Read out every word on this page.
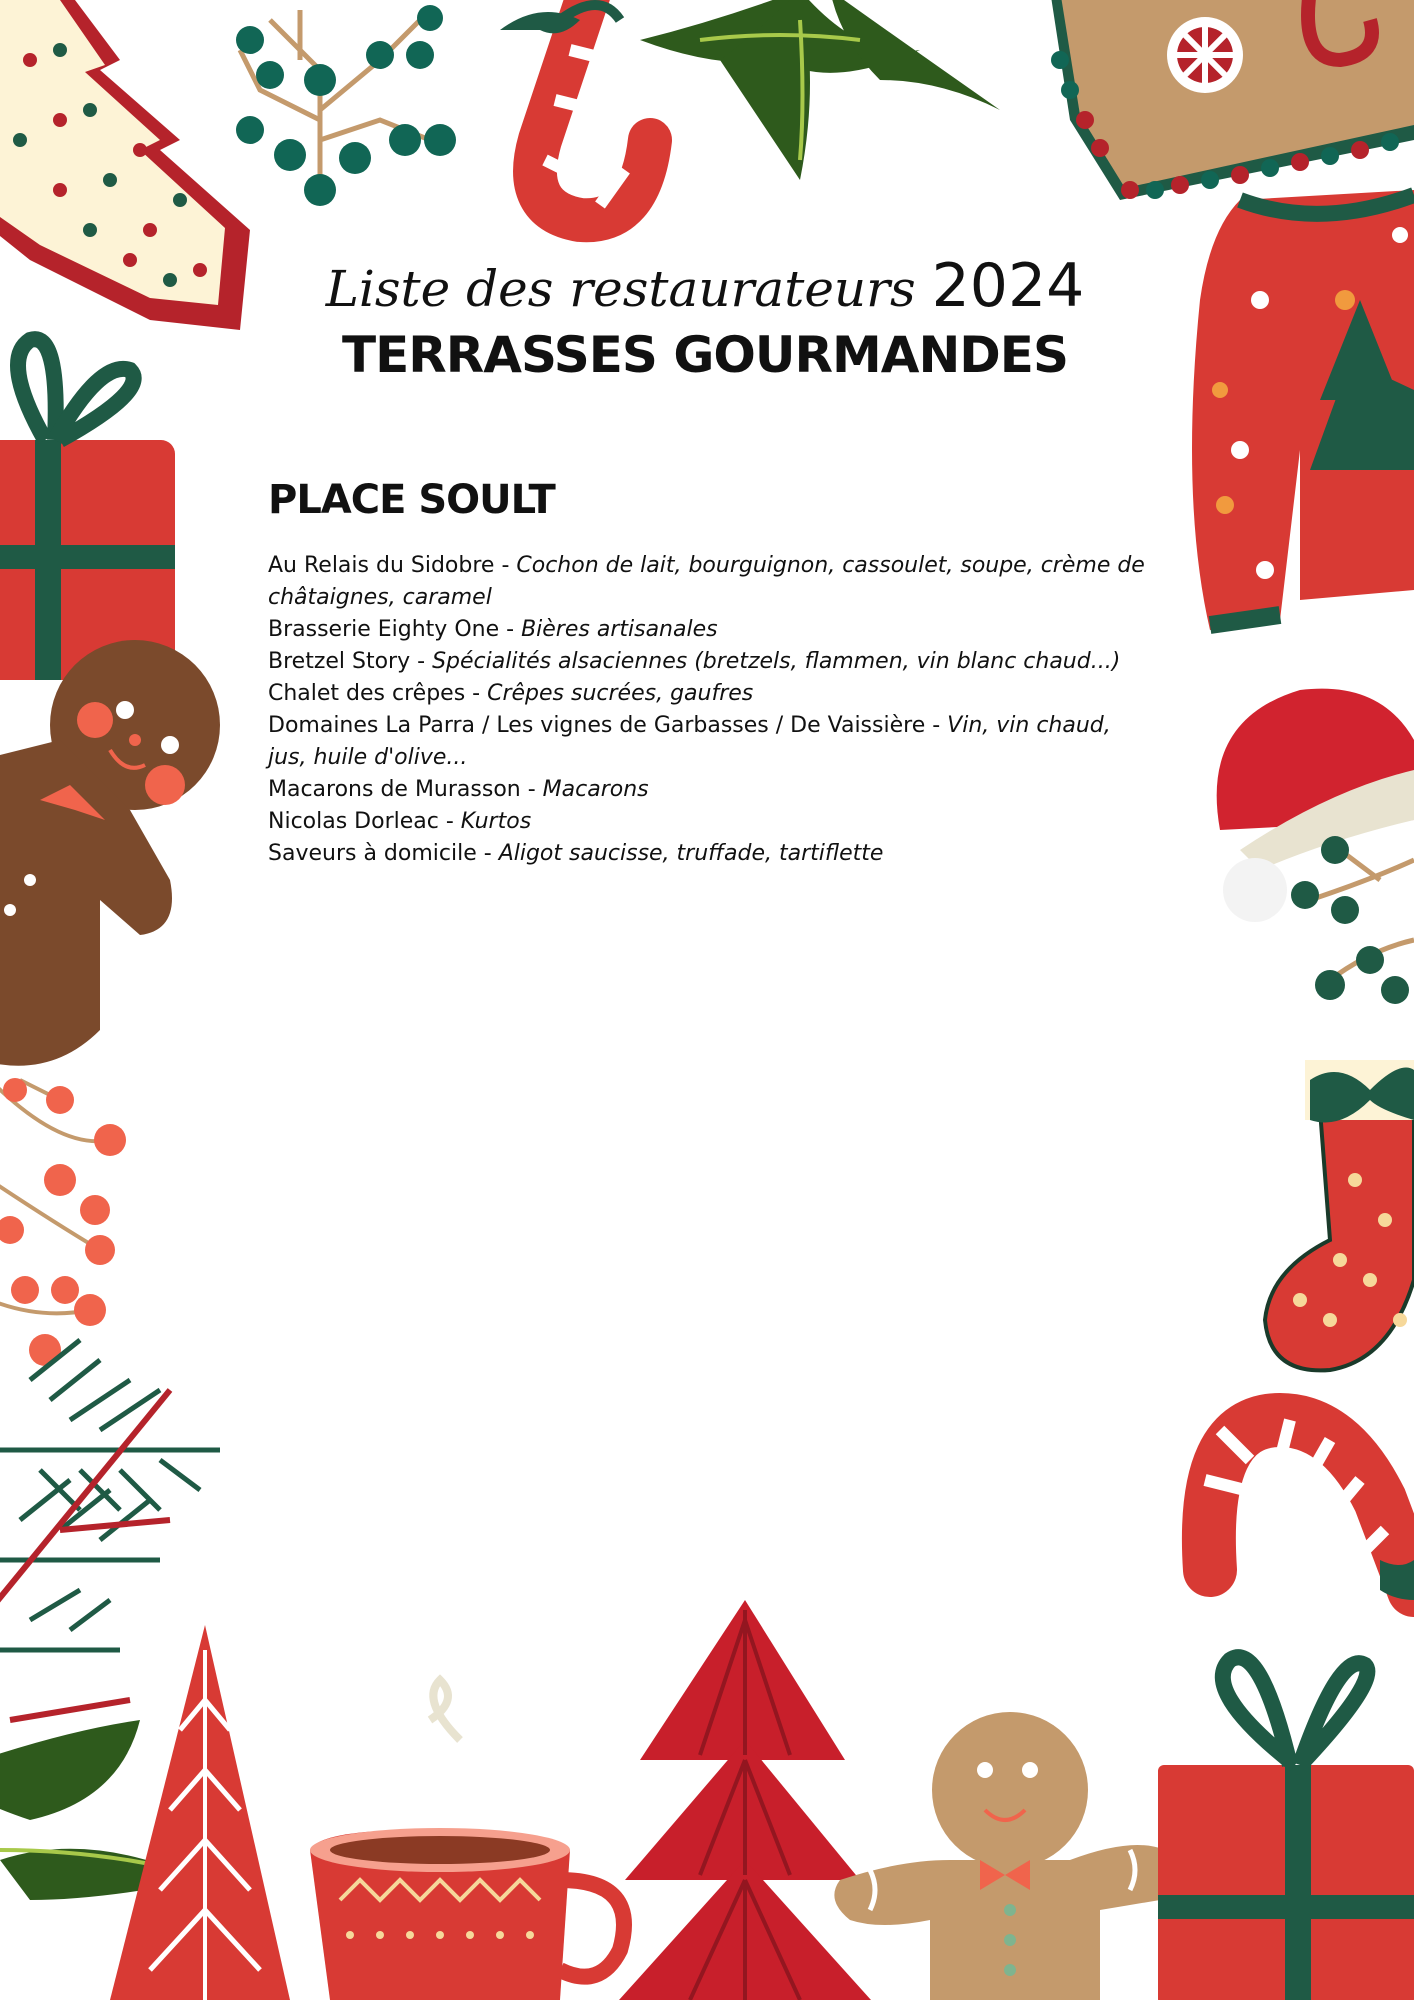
Liste des restaurateurs 2024
TERRASSES GOURMANDES
PLACE SOULT
Au Relais du Sidobre - Cochon de lait, bourguignon, cassoulet, soupe, crème de châtaignes, caramel
Brasserie Eighty One - Bières artisanales
Bretzel Story - Spécialités alsaciennes (bretzels, flammen, vin blanc chaud...)
Chalet des crêpes - Crêpes sucrées, gaufres
Domaines La Parra / Les vignes de Garbasses / De Vaissière - Vin, vin chaud, jus, huile d'olive...
Macarons de Murasson - Macarons
Nicolas Dorleac - Kurtos
Saveurs à domicile - Aligot saucisse, truffade, tartiflette
